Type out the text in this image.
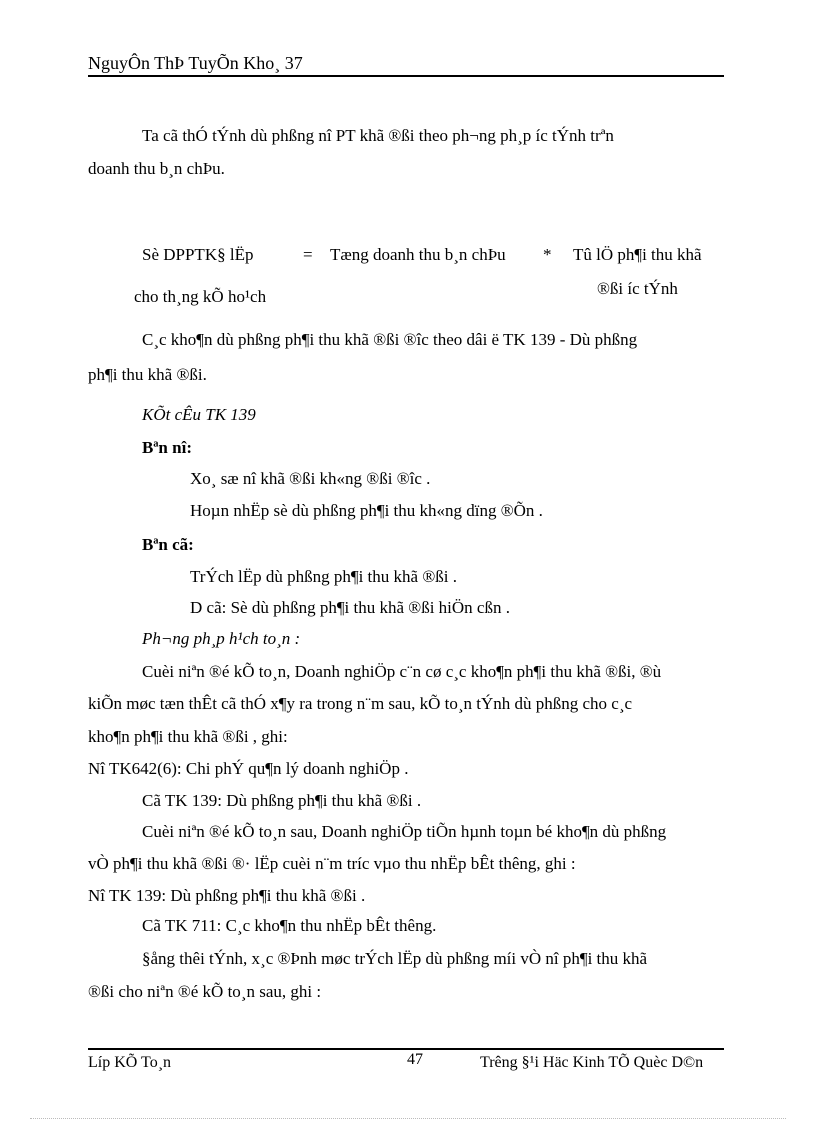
NguyÔn ThÞ TuyÕn Kho¸ 37
Ta cã thÓ tÝnh dù phßng nî PT khã ®ßi theo ph¬ng ph¸p íc tÝnh trªn
doanh thu b¸n chÞu.
Sè DPPTK§ lËp	= Tæng doanh thu b¸n chÞu * Tû lÖ ph¶i thu khã
cho th¸ng kÕ ho¹ch	®ßi íc tÝnh
C¸c kho¶n dù phßng ph¶i thu khã ®ßi ®îc theo dâi ë TK 139 - Dù phßng
ph¶i thu khã ®ßi.
KÕt cÊu TK 139
Bªn nî:
Xo¸ sæ nî khã ®ßi kh«ng ®ßi ®îc .
Hoµn nhËp sè dù phßng ph¶i thu kh«ng dïng ®Õn .
Bªn cã:
TrÝch lËp dù phßng ph¶i thu khã ®ßi .
D cã: Sè dù phßng ph¶i thu khã ®ßi hiÖn cßn .
Ph¬ng ph¸p h¹ch to¸n :
Cuèi niªn ®é kÕ to¸n, Doanh nghiÖp c¨n cø c¸c kho¶n ph¶i thu khã ®ßi, ®ù
kiÕn møc tæn thÊt cã thÓ x¶y ra trong n¨m sau, kÕ to¸n tÝnh dù phßng cho c¸c
kho¶n ph¶i thu khã ®ßi , ghi:
Nî TK642(6): Chi phÝ qu¶n lý doanh nghiÖp .
Cã TK 139: Dù phßng ph¶i thu khã ®ßi .
Cuèi niªn ®é kÕ to¸n sau, Doanh nghiÖp tiÕn hµnh toµn bé kho¶n dù phßng
vÒ ph¶i thu khã ®ßi ®· lËp cuèi n¨m tríc vµo thu nhËp bÊt thêng, ghi :
Nî TK 139: Dù phßng ph¶i thu khã ®ßi .
Cã TK 711: C¸c kho¶n thu nhËp bÊt thêng.
§ång thêi tÝnh, x¸c ®Þnh møc trÝch lËp dù phßng míi vÒ nî ph¶i thu khã
®ßi cho niªn ®é kÕ to¸n sau, ghi :
Líp KÕ To¸n	47	Trêng §¹i Häc Kinh TÕ Quèc D©n
